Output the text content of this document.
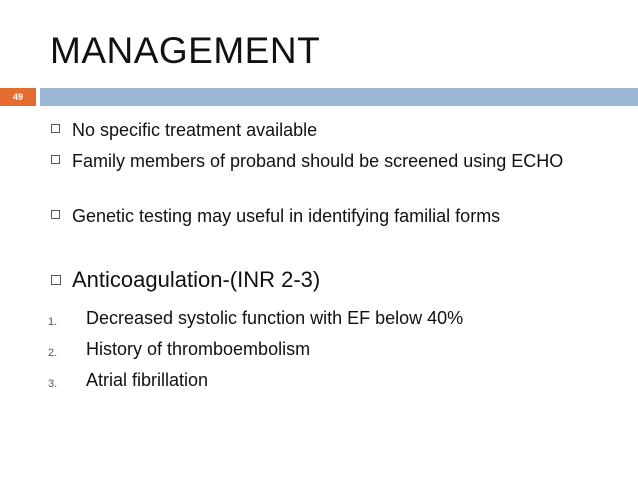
MANAGEMENT
49
No specific treatment available
Family members of proband should be screened using ECHO
Genetic testing may useful in identifying familial forms
Anticoagulation-(INR 2-3)
1. Decreased systolic function with EF below 40%
2. History of thromboembolism
3. Atrial fibrillation
